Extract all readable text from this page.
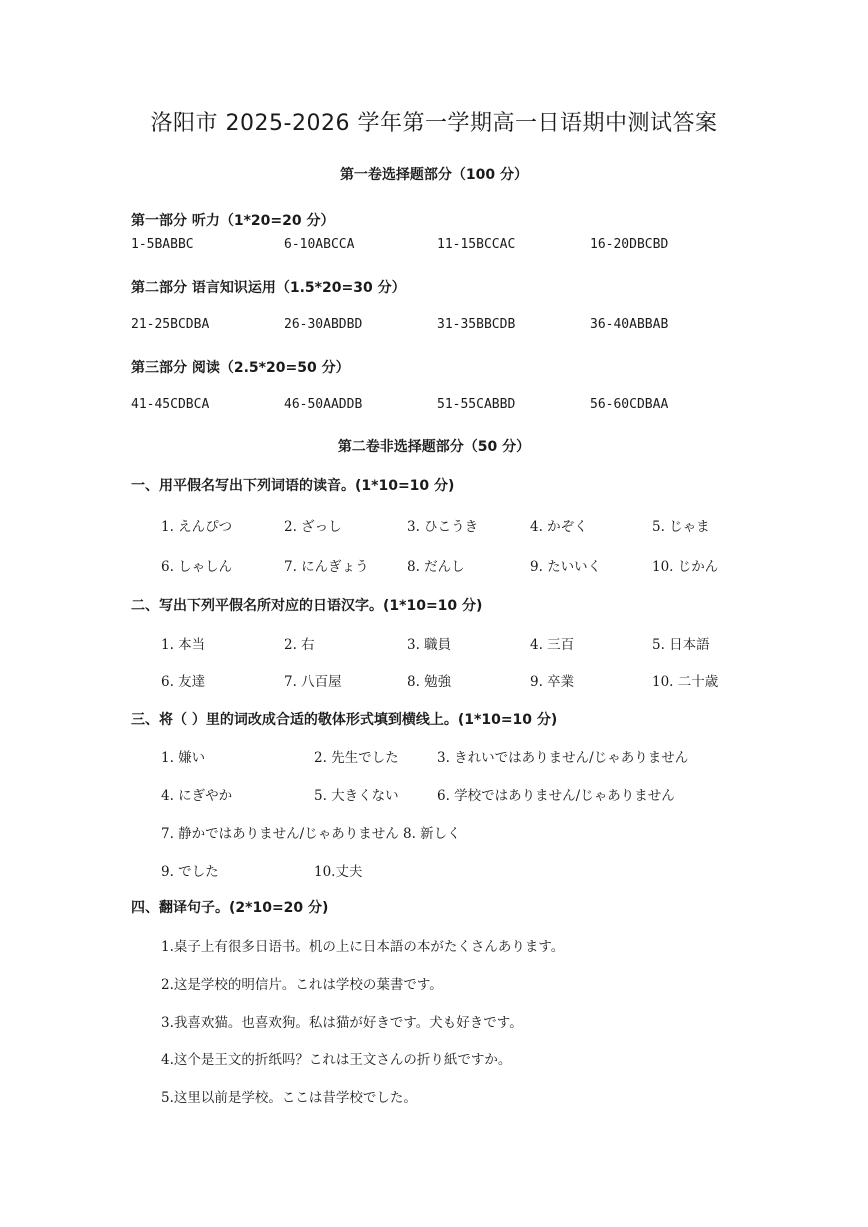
洛阳市 2025-2026 学年第一学期高一日语期中测试答案
第一卷选择题部分（100 分）
第一部分 听力（1*20=20 分）
1-5BABBC	6-10ABCCA	11-15BCCAC	16-20DBCBD
第二部分 语言知识运用（1.5*20=30 分）
21-25BCDBA	26-30ABDBD	31-35BBCDB	36-40ABBAB
第三部分 阅读（2.5*20=50 分）
41-45CDBCA	46-50AADDB	51-55CABBD	56-60CDBAA
第二卷非选择题部分（50 分）
一、用平假名写出下列词语的读音。(1*10=10 分)
1. えんぴつ	2. ざっし	3. ひこうき	4. かぞく	5. じゃま
6. しゃしん	7. にんぎょう	8. だんし	9. たいいく	10. じかん
二、写出下列平假名所对应的日语汉字。(1*10=10 分)
1. 本当	2. 右	3. 職員	4. 三百	5. 日本語
6. 友達	7. 八百屋	8. 勉強	9. 卒業	10. 二十歳
三、将（ ）里的词改成合适的敬体形式填到横线上。(1*10=10 分)
1. 嫌い	2. 先生でした	3. きれいではありません/じゃありません
4. にぎやか	5. 大きくない	6. 学校ではありません/じゃありません
7. 静かではありません/じゃありません 8. 新しく
9. でした	10.丈夫
四、翻译句子。(2*10=20 分)
1.桌子上有很多日语书。机の上に日本語の本がたくさんあります。
2.这是学校的明信片。これは学校の葉書です。
3.我喜欢猫。也喜欢狗。私は猫が好きです。犬も好きです。
4.这个是王文的折纸吗？これは王文さんの折り紙ですか。
5.这里以前是学校。ここは昔学校でした。
